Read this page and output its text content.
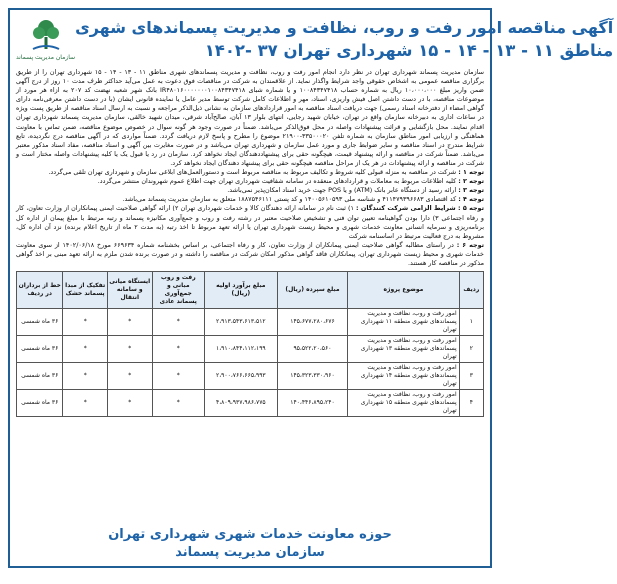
سازمان مدیریت پسماند
آگهی مناقصه امور رفت و روب، نظافت و مدیریت پسماندهای شهری
مناطق ۱۱ - ۱۳ - ۱۴ - ۱۵ شهرداری تهران ۳۷ -۱۴۰۲

سازمان مدیریت پسماند شهرداری تهران در نظر دارد انجام امور رفت و روب، نظافت و مدیریت پسماندهای شهری مناطق ۱۱ - ۱۳ - ۱۴ - ۱۵ شهرداری تهران را از طریق برگزاری مناقصه عمومی به اشخاص حقوقی واجد شرایط واگذار نماید. از علاقمندان به شرکت در مناقصات فوق دعوت به عمل می‌آید حداکثر ظرف مدت ۱۰ روز از درج آگهی ضمن واریز مبلغ ۱۰،۰۰۰،۰۰۰ ریال به شماره حساب ۱۰۰۸۴۳۴۷۴۱۸ و یا شماره شبای IR۴۸۰۱۶۰۰۰۰۰۰۰۱۰۰۸۴۳۴۷۴۱۸ بانک شهر شعبه نهضت کد ۲۰۷ به ازاء هر مورد از موضوعات مناقصه، با در دست داشتن اصل فیش واریزی، اسناد، مهر و اطلاعات کامل شرکت توسط مدیر عامل یا نماینده قانونی ایشان (با در دست داشتن معرفی‌نامه دارای گواهی امضاء از دفترخانه اسناد رسمی) جهت دریافت اسناد مناقصه به امور قراردادهای سازمان به نشانی ذیل‌الذکر مراجعه و نسبت به ارسال اسناد مناقصه از طریق پست ویژه در ساعات اداری به دبیرخانه سازمان واقع در تهران، خیابان شهید رجایی، انتهای بلوار ۱۳ آبان، صالح‌آباد شرقی، میدان شهید خالقی، سازمان مدیریت پسماند شهرداری تهران اقدام نمایند. محل بازگشایی و قرائت پیشنهادات واصله در محل فوق‌الذکر می‌باشد. ضمناً در صورت وجود هر گونه سوال در خصوص موضوع مناقصه، ضمن تماس با معاونت هماهنگی و ارزیابی امور مناطق سازمان به شماره تلفن ۳۳۵۰۰۰۲۰-۲۱۹۰۰ موضوع را مطرح و پاسخ لازم دریافت گردد. ضمناً مواردی که در آگهی مناقصه درج نگردیده، تابع شرایط مندرج در اسناد مناقصه و سایر ضوابط جاری و مورد عمل سازمان و شهرداری تهران می‌باشد و در صورت مغایرت بین آگهی و اسناد مناقصه، مفاد اسناد مذکور معتبر می‌باشد. ضمناً شرکت در مناقصه و ارائه پیشنهاد قیمت، هیچگونه حقی برای پیشنهاددهندگان ایجاد نخواهد کرد. سازمان در رد یا قبول یک یا کلیه پیشنهادات واصله مختار است و شرکت در مناقصه و ارائه پیشنهادات در هر یک از مراحل مناقصه هیچگونه حقی برای پیشنهاد دهندگان ایجاد نخواهد کرد.

توجه ۱ : شرکت در مناقصه به منزله قبولی کلیه شروط و تکالیف مربوط به مناقصه مربوط است و دستورالعمل‌های ابلاغی سازمان و شهرداری تهران تلقی می‌گردد.

توجه ۲ : کلیه اطلاعات مربوط به معاملات و قراردادهای منعقده در سامانه شفافیت شهرداری تهران جهت اطلاع عموم شهروندان منتشر می‌گردد.

توجه ۳ : ارائه رسید از دستگاه عابر بانک (ATM) و یا POS جهت خرید اسناد امکان‌پذیر نمی‌باشد.

توجه ۴ : کد اقتصادی ۴۱۱۴۷۹۳۹۶۶۸۳ و شناسه ملی ۱۴۰۰۵۶۱۰۵۹۳ و کد پستی ۱۸۸۷۵۴۶۱۱۱ متعلق به سازمان مدیریت پسماند می‌باشد.

توجه ۵ : شرایط الزامی شرکت کنندگان : ۱) ثبت نام در سامانه ارائه دهندگان کالا و خدمات شهرداری تهران ۲) ارائه گواهی صلاحیت ایمنی پیمانکاران از وزارت تعاون، کار و رفاه اجتماعی ۳) دارا بودن گواهینامه تعیین توان فنی و تشخیص صلاحیت معتبر در رشته رفت و روب و جمع‌آوری مکانیزه پسماند و رتبه مرتبط با مبلغ پیمان از اداره کل برنامه‌ریزی و سرمایه انسانی معاونت خدمات شهری و محیط زیست شهرداری تهران یا ارائه تعهد مربوط تا اخذ رتبه (به مدت ۲ ماه از تاریخ اعلام برنده) نزد آن اداره کل، مشروط به درج فعالیت مرتبط در اساسنامه شرکت

توجه ۶ : در راستای مطالبه گواهی صلاحیت ایمنی پیمانکاران از وزارت تعاون، کار و رفاه اجتماعی، بر اساس بخشنامه شماره ۶۶۹۶۳۴ مورخ ۱۴۰۲/۰۶/۱۸ از سوی معاونت خدمات شهری و محیط زیست شهرداری تهران، پیمانکاران فاقد گواهی مذکور امکان شرکت در مناقصه را داشته و در صورت برنده شدن ملزم به ارائه تعهد مبنی بر اخذ گواهی مذکور در مناقصه کار هستند.

ردیف	موضوع پروژه	مبلغ سپرده (ریال)	مبلغ برآورد اولیه (ریال)	رفت و روب مبانی و جمع‌آوری پسماند عادی	ایستگاه میانی و سامانه انتقال	تفکیک از مبدا پسماند خشک	خط از برداران در ردیف
۱	امور رفت و روب، نظافت و مدیریت پسماندهای شهری منطقه ۱۱ شهرداری تهران	۱۴۵،۶۷۷،۲۸۰،۶۷۶	۲،۹۱۳،۵۴۳،۶۱۳،۵۱۲	*	*	*	۳۶ ماه شمسی
۲	امور رفت و روب، نظافت و مدیریت پسماندهای شهری منطقه ۱۳ شهرداری تهران	۹۵،۵۲۲،۲۰،۵۶۰	۱،۹۱۰،۸۴۴،۱۱۲،۱۹۹	*	*	*	۳۶ ماه شمسی
۳	امور رفت و روب، نظافت و مدیریت پسماندهای شهری منطقه ۱۴ شهرداری تهران	۱۴۵،۳۲۳،۳۳۰،۹۶۰	۲،۹۰۰،۷۶۶،۶۶۵،۹۹۳	*	*	*	۳۶ ماه شمسی
۴	امور رفت و روب، نظافت و مدیریت پسماندهای شهری منطقه ۱۵ شهرداری تهران	۱۴۰،۴۴۶،۸۹۵،۲۴۰	۴،۸۰۹،۹۳۷،۹۸۶،۷۷۵	*	*	*	۳۶ ماه شمسی
حوزه معاونت خدمات شهری شهرداری تهران
سازمان مدیریت پسماند
